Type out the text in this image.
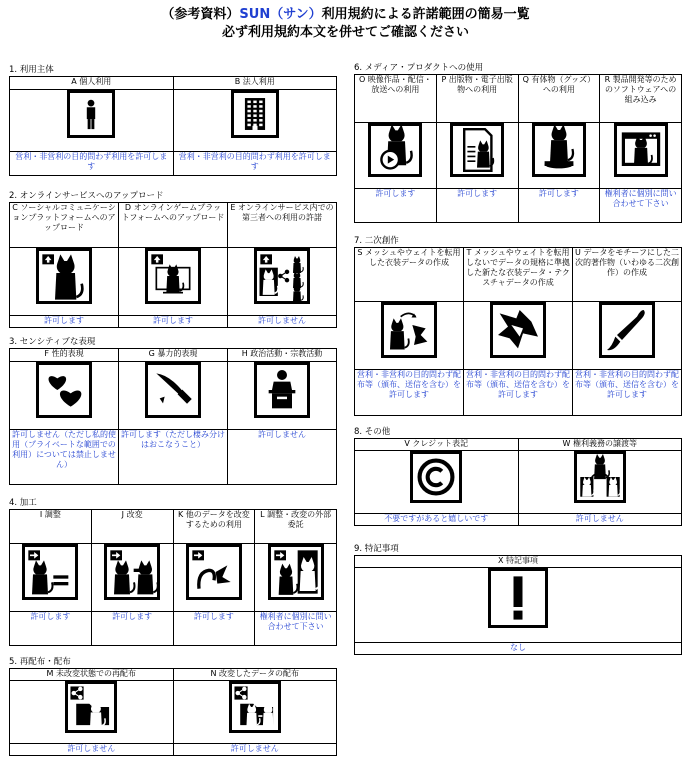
（参考資料）SUN（サン）利用規約による許諾範囲の簡易一覧
必ず利用規約本文を併せてご確認ください
1. 利用主体
A 個人利用	B 法人利用

営利・非営利の目的問わず利用を許可します	営利・非営利の目的問わず利用を許可します
2. オンラインサービスへのアップロード
C ソーシャルコミュニケーションプラットフォームへのアップロード	D オンラインゲームプラットフォームへのアップロード	E オンラインサービス内での第三者への利用の許諾

許可します	許可します	許可しません
3. センシティブな表現
F 性的表現	G 暴力的表現	H 政治活動・宗教活動

許可しません（ただし私的使用（プライベートな範囲での利用）については禁止しません）	許可します（ただし棲み分けはおこなうこと）	許可しません
4. 加工
I 調整	J 改変	K 他のデータを改変するための利用	L 調整・改変の外部委託

許可します	許可します	許可します	権利者に個別に問い合わせて下さい
5. 再配布・配布
M 未改変状態での再配布	N 改変したデータの配布

許可しません	許可しません
6. メディア・プロダクトへの使用
O 映像作品・配信・放送への利用	P 出版物・電子出版物への利用	Q 有体物（グッズ）への利用	R 製品開発等のためのソフトウェアへの組み込み

許可します	許可します	許可します	権利者に個別に問い合わせて下さい
7. 二次創作
S メッシュやウェイトを転用した衣装データの作成	T メッシュやウェイトを転用しないでデータの規格に準拠した新たな衣装データ・テクスチャデータの作成	U データをモチーフにした二次的著作物（いわゆる二次創作）の作成

営利・非営利の目的問わず配布等（頒布、送信を含む）を許可します	営利・非営利の目的問わず配布等（頒布、送信を含む）を許可します	営利・非営利の目的問わず配布等（頒布、送信を含む）を許可します
8. その他
V クレジット表記	W 権利義務の譲渡等

不要ですがあると嬉しいです	許可しません
9. 特記事項
X 特記事項

なし
